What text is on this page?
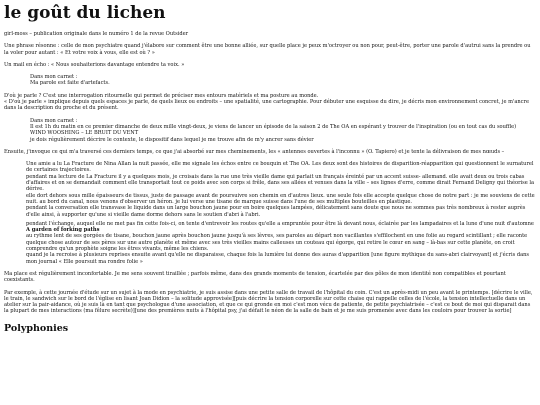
le goût du lichen

girl-moss – publication originale dans le numéro 1 de la revue Outsider

Une phrase résonne : celle de mon psychiatre quand j'élabore sur comment être une bonne alliée, sur quelle place je peux m'octroyer ou non pour, peut-être, porter une parole d'autrui sans la prendre ou la voler pour autant : « Et votre voix à vous, elle est où ? »

Un mail en écho : « Nous souhaiterions davantage entendre ta voix. »

Dans mon carnet :
Ma parole est faite d'artefacts.
D'où je parle ? C'est une interrogation ritournelle qui permet de préciser mes entours matériels et ma posture au monde.
« D'où je parle » implique depuis quels espaces je parle, de quels lieux ou endroits – une spatialité, une cartographie. Pour débuter une esquisse du dire, je décris mon environnement concret, je m'ancre dans la description du proche et du présent.
Dans mon carnet :
Il est 1h du matin en ce premier dimanche de deux mille vingt-deux, je viens de lancer un épisode de la saison 2 de The OA en espérant y trouver de l'inspiration (ou en tout cas du souffle)
WIND WOOSHING – LE BRUIT DU VENT
je dois régulièrement décrire le contexte, le dispositif dans lequel je me trouve afin de m'y ancrer sans dévier

Ensuite, j'invoque ce qui m'a traversé ces derniers temps, ce que j'ai absorbé sur mes cheminements, les « antennes ouvertes à l'inconnu » (O. Tapiero) et je tente la délivraison de mes nœuds –

Une amie a lu La Fracture de Nina Allan la nuit passée, elle me signale les échos entre ce bouquin et The OA. Les deux sont des histoires de disparition-réapparition qui questionnent le surnaturel de certaines trajectoires.

pendant ma lecture de La Fracture il y a quelques mois, je croisais dans la rue une très vieille dame qui parlait un français éreinté par un accent suisse- allemand. elle avait deux ou trois cabas d'affaires et on se demandait comment elle transportait tout ce poids avec son corps si frêle, dans ses allées et venues dans la ville – ses lignes d'erre, comme dirait Fernand Deligny qui théorise la dérive.

elle dort dehors sous mille épaisseurs de tissus, juste de passage avant de poursuivre son chemin en d'autres lieux. une seule fois elle accepte quelque chose de notre part : je me souviens de cette nuit. au bord du canal, nous venons d'observer un héron. je lui verse une tisane de marque suisse dans l'une de ses multiples bouteilles en plastique.

pendant la conversation elle transvase le liquide dans un large bouchon jaune pour en boire quelques lampées, délicatement sans doute que nous ne sommes pas très nombreux à rester auprès d'elle ainsi, à supporter qu'une si vieille dame dorme dehors sans le soutien d'abri à l'abri.

pendant l'échange, auquel elle ne met pas fin cette fois-ci, on tente d'entrevoir les routes qu'elle a empruntée pour être là devant nous, éclairée par les lampadaires et la lune d'une nuit d'automne

A garden of forking paths

au rythme lent de ses gorgées de tisane, bouchon jaune après bouchon jaune jusqu'à ses lèvres, ses paroles au départ non vacillantes s'effilochent en une folie au regard scintillant ; elle raconte quelque chose autour de ses pères sur une autre planète et même avec ses très vieilles mains calleuses un couteau qui égorge, qui retire le cœur en sang – là-bas sur cette planète, on croit comprendre qu'un prophète soigne les êtres vivants, même les chiens.

quand je la recroise à plusieurs reprises ensuite avant qu'elle ne disparaisse, chaque fois la lumière lui donne des auras d'apparition [une figure mythique du sans-abri clairvoyant] et j'écris dans mon journal « Elle poursuit ma rondre folie »

Ma place est régulièrement inconfortable. Je me sens souvent tiraillée ; parfois même, dans des grands moments de tension, écartelée par des pôles de mon identité non compatibles et pourtant coexistants.

Par exemple, à cette journée d'étude sur un sujet à la mode en psychiatrie, je suis assise dans une petite salle de travail de l'hôpital du coin. C'est un après-midi un peu avant le printemps. [décrire le ville, le train, le sandwich sur le bord de l'église en lisant Joan Didion – la solitude approvisée][puis décrire la tension corporelle sur cette chaise qui rappelle celles de l'école, la tension intellectuelle dans un atelier sur la pair-aidance, où je suis là en tant que psychologue d'une association, et que ce qui gronde en moi c'est mon vécu de patiente, de petite psychiatrisée – c'est ce bout de moi qui disparait dans la plupart de mes interactions (ma fêlure secrète)][une des premières nuits à l'hôpital psy, j'ai défait le néon de la salle de bain et je me suis promenée avec dans les couloirs pour trouver la sortie]

Polyphonies
